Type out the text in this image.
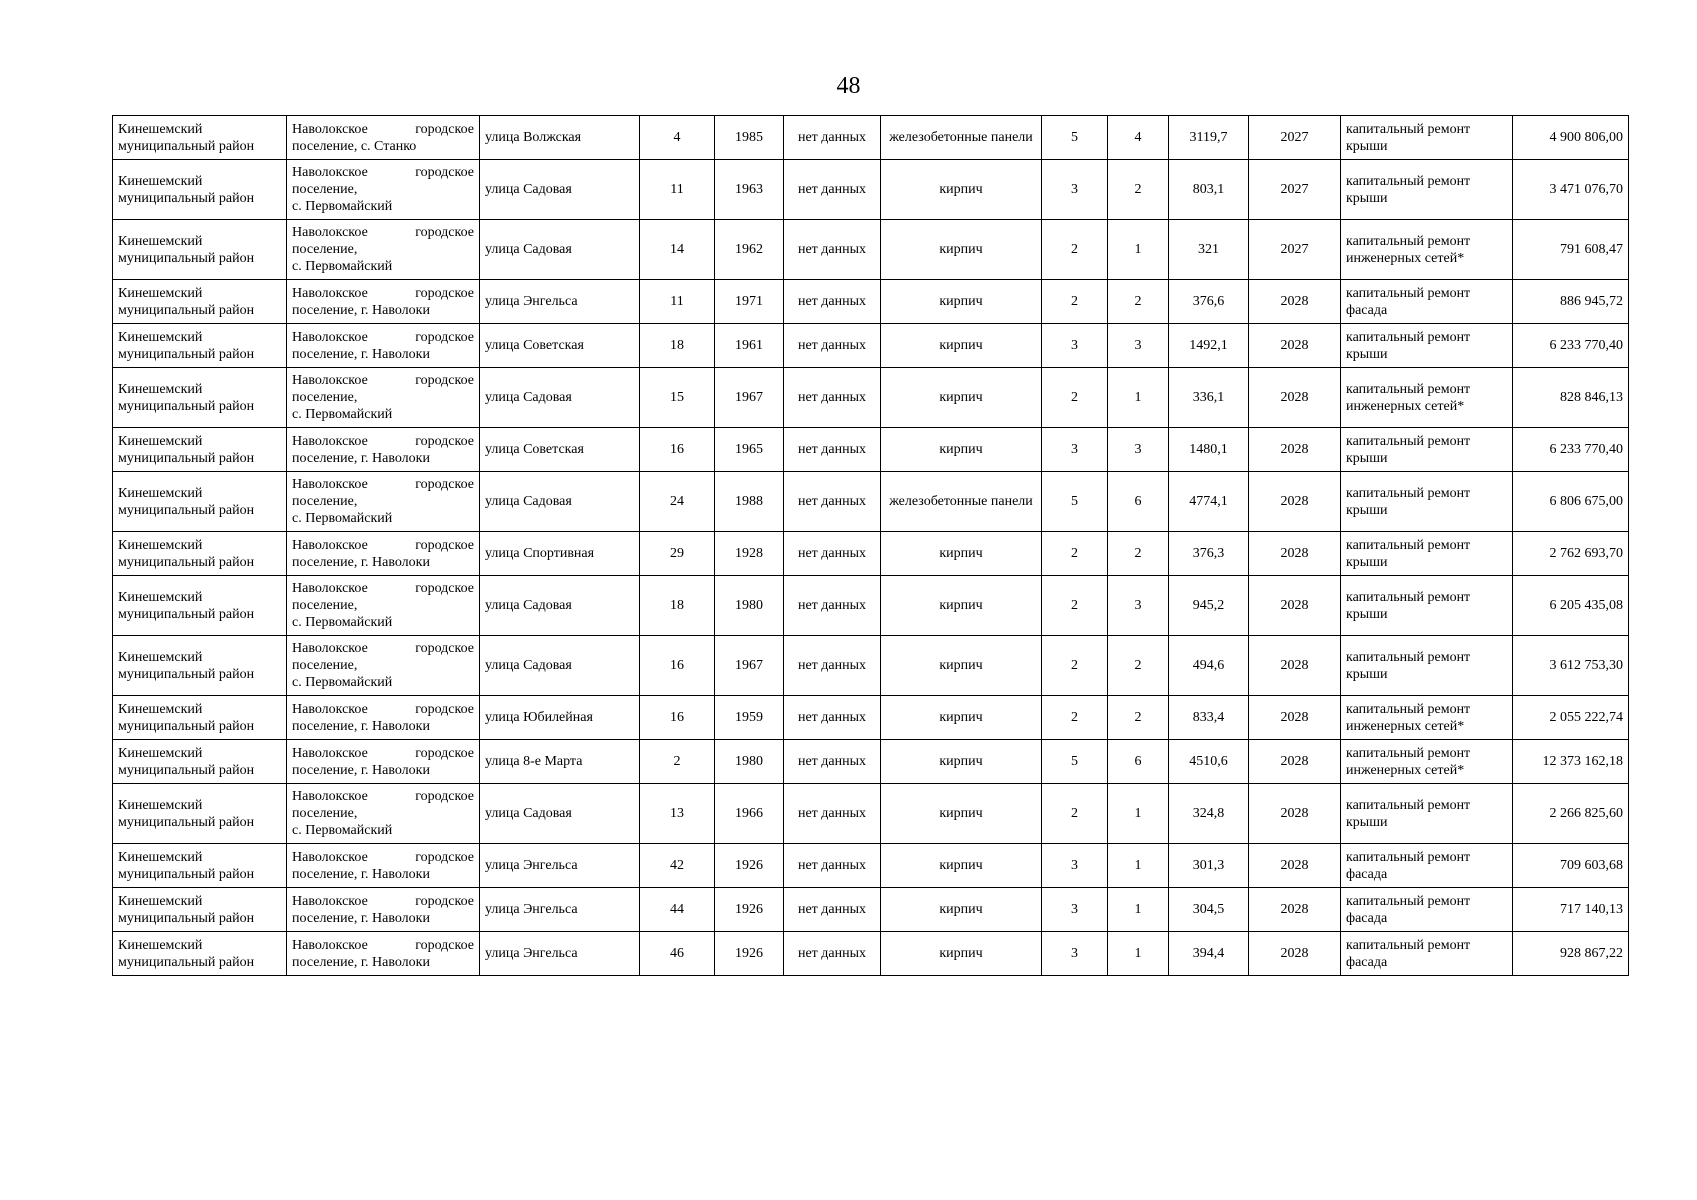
48
Кинешемский муниципальный район	Наволокское городское
поселение, с. Станко	улица Волжская	4	1985	нет данных	железобетонные панели	5	4	3119,7	2027	капитальный ремонт крыши	4 900 806,00
Кинешемский муниципальный район	Наволокское городское
поселение,
с. Первомайский	улица Садовая	11	1963	нет данных	кирпич	3	2	803,1	2027	капитальный ремонт крыши	3 471 076,70
Кинешемский муниципальный район	Наволокское городское
поселение,
с. Первомайский	улица Садовая	14	1962	нет данных	кирпич	2	1	321	2027	капитальный ремонт инженерных сетей*	791 608,47
Кинешемский муниципальный район	Наволокское городское
поселение, г. Наволоки	улица Энгельса	11	1971	нет данных	кирпич	2	2	376,6	2028	капитальный ремонт фасада	886 945,72
Кинешемский муниципальный район	Наволокское городское
поселение, г. Наволоки	улица Советская	18	1961	нет данных	кирпич	3	3	1492,1	2028	капитальный ремонт крыши	6 233 770,40
Кинешемский муниципальный район	Наволокское городское
поселение,
с. Первомайский	улица Садовая	15	1967	нет данных	кирпич	2	1	336,1	2028	капитальный ремонт инженерных сетей*	828 846,13
Кинешемский муниципальный район	Наволокское городское
поселение, г. Наволоки	улица Советская	16	1965	нет данных	кирпич	3	3	1480,1	2028	капитальный ремонт крыши	6 233 770,40
Кинешемский муниципальный район	Наволокское городское
поселение,
с. Первомайский	улица Садовая	24	1988	нет данных	железобетонные панели	5	6	4774,1	2028	капитальный ремонт крыши	6 806 675,00
Кинешемский муниципальный район	Наволокское городское
поселение, г. Наволоки	улица Спортивная	29	1928	нет данных	кирпич	2	2	376,3	2028	капитальный ремонт крыши	2 762 693,70
Кинешемский муниципальный район	Наволокское городское
поселение,
с. Первомайский	улица Садовая	18	1980	нет данных	кирпич	2	3	945,2	2028	капитальный ремонт крыши	6 205 435,08
Кинешемский муниципальный район	Наволокское городское
поселение,
с. Первомайский	улица Садовая	16	1967	нет данных	кирпич	2	2	494,6	2028	капитальный ремонт крыши	3 612 753,30
Кинешемский муниципальный район	Наволокское городское
поселение, г. Наволоки	улица Юбилейная	16	1959	нет данных	кирпич	2	2	833,4	2028	капитальный ремонт инженерных сетей*	2 055 222,74
Кинешемский муниципальный район	Наволокское городское
поселение, г. Наволоки	улица 8-е Марта	2	1980	нет данных	кирпич	5	6	4510,6	2028	капитальный ремонт инженерных сетей*	12 373 162,18
Кинешемский муниципальный район	Наволокское городское
поселение,
с. Первомайский	улица Садовая	13	1966	нет данных	кирпич	2	1	324,8	2028	капитальный ремонт крыши	2 266 825,60
Кинешемский муниципальный район	Наволокское городское
поселение, г. Наволоки	улица Энгельса	42	1926	нет данных	кирпич	3	1	301,3	2028	капитальный ремонт фасада	709 603,68
Кинешемский муниципальный район	Наволокское городское
поселение, г. Наволоки	улица Энгельса	44	1926	нет данных	кирпич	3	1	304,5	2028	капитальный ремонт фасада	717 140,13
Кинешемский муниципальный район	Наволокское городское
поселение, г. Наволоки	улица Энгельса	46	1926	нет данных	кирпич	3	1	394,4	2028	капитальный ремонт фасада	928 867,22
